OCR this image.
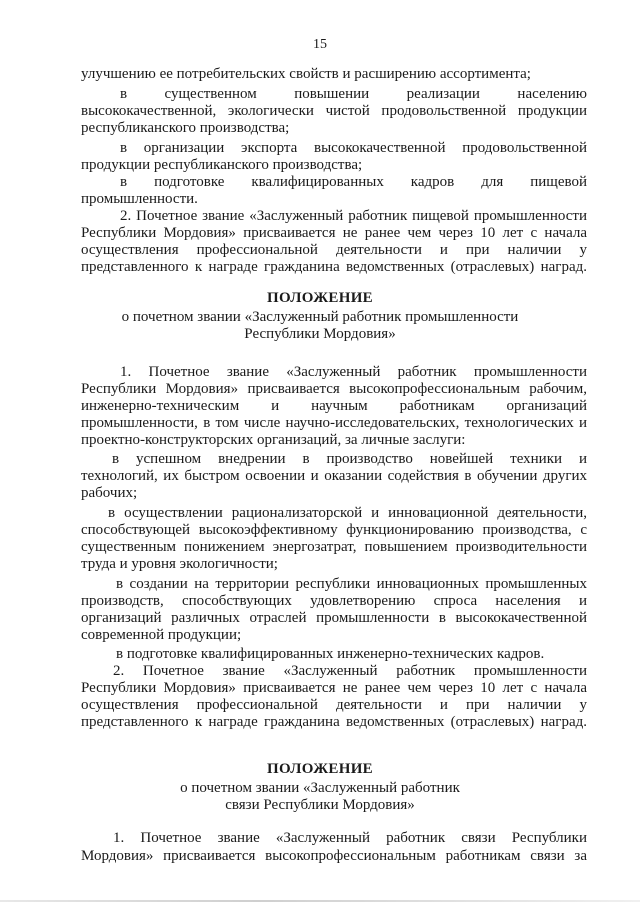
15
улучшению ее потребительских свойств и расширению ассортимента;
в существенном повышении реализации населению
высококачественной, экологически чистой продовольственной продукции
республиканского производства;
в организации экспорта высококачественной продовольственной
продукции республиканского производства;
в подготовке квалифицированных кадров для пищевой
промышленности.
2. Почетное звание «Заслуженный работник пищевой промышленности
Республики Мордовия» присваивается не ранее чем через 10 лет с начала
осуществления профессиональной деятельности и при наличии у
представленного к награде гражданина ведомственных (отраслевых) наград.
ПОЛОЖЕНИЕ
о почетном звании «Заслуженный работник промышленности
Республики Мордовия»
1. Почетное звание «Заслуженный работник промышленности
Республики Мордовия» присваивается высокопрофессиональным рабочим,
инженерно-техническим и научным работникам организаций
промышленности, в том числе научно-исследовательских, технологических и
проектно-конструкторских организаций, за личные заслуги:
в успешном внедрении в производство новейшей техники и
технологий, их быстром освоении и оказании содействия в обучении других
рабочих;
в осуществлении рационализаторской и инновационной деятельности,
способствующей высокоэффективному функционированию производства, с
существенным понижением энергозатрат, повышением производительности
труда и уровня экологичности;
в создании на территории республики инновационных промышленных
производств, способствующих удовлетворению спроса населения и
организаций различных отраслей промышленности в высококачественной
современной продукции;
в подготовке квалифицированных инженерно-технических кадров.
2. Почетное звание «Заслуженный работник промышленности
Республики Мордовия» присваивается не ранее чем через 10 лет с начала
осуществления профессиональной деятельности и при наличии у
представленного к награде гражданина ведомственных (отраслевых) наград.
ПОЛОЖЕНИЕ
о почетном звании «Заслуженный работник
связи Республики Мордовия»
1. Почетное звание «Заслуженный работник связи Республики
Мордовия» присваивается высокопрофессиональным работникам связи за
